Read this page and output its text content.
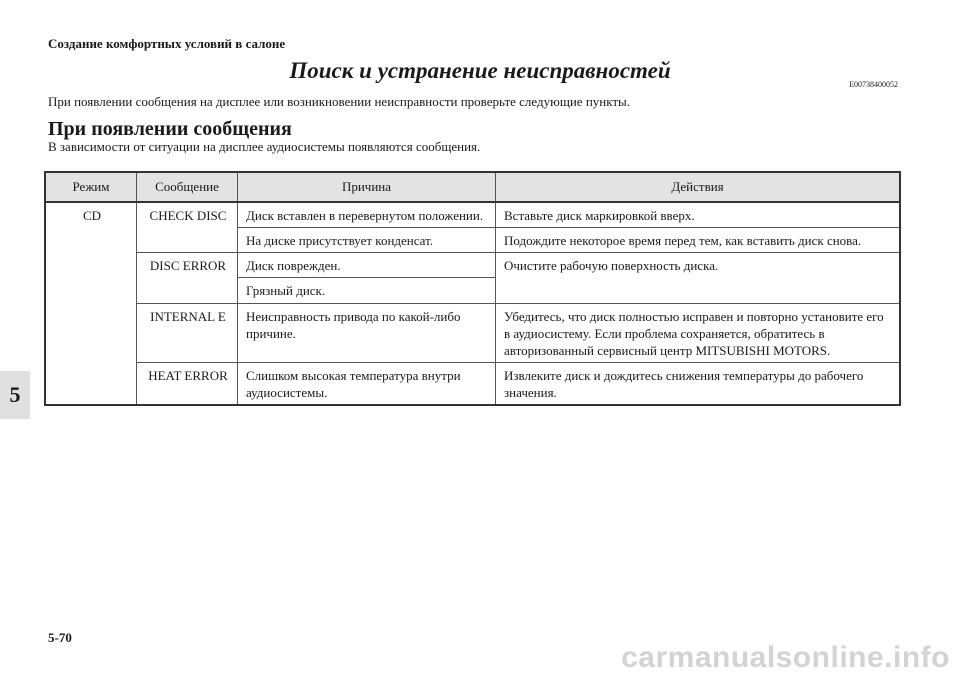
Создание комфортных условий в салоне
Поиск и устранение неисправностей
E00738400052
При появлении сообщения на дисплее или возникновении неисправности проверьте следующие пункты.
При появлении сообщения
В зависимости от ситуации на дисплее аудиосистемы появляются сообщения.
Режим	Сообщение	Причина	Действия
CD	CHECK DISC	Диск вставлен в перевернутом положении.	Вставьте диск маркировкой вверх.
		На диске присутствует конденсат.	Подождите некоторое время перед тем, как вставить диск снова.
	DISC ERROR	Диск поврежден.	Очистите рабочую поверхность диска.
		Грязный диск.	
	INTERNAL E	Неисправность привода по какой-либо причине.	Убедитесь, что диск полностью исправен и повторно установите его в аудиосистему. Если проблема сохраняется, обратитесь в авторизованный сервисный центр MITSUBISHI MOTORS.
	HEAT ERROR	Слишком высокая температура внутри аудиосистемы.	Извлеките диск и дождитесь снижения температуры до рабочего значения.
5
5-70
carmanualsonline.info
